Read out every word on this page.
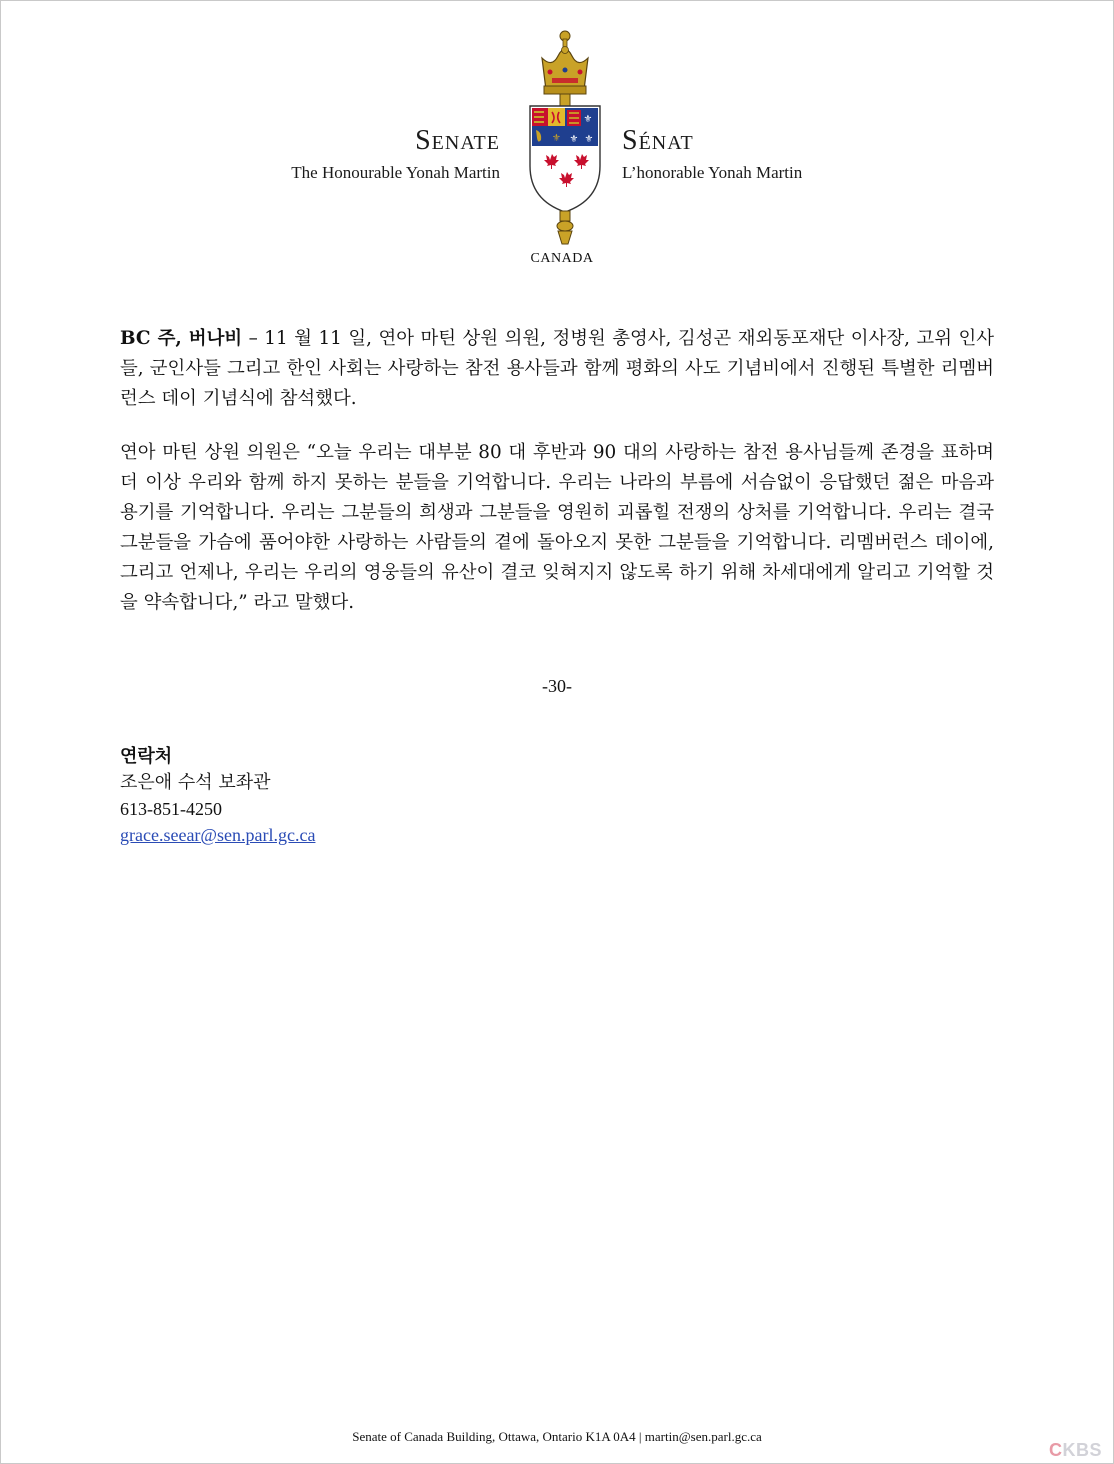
Senate
The Honourable Yonah Martin
⚜
⚜
⚜ ⚜ Sénat
L’honorable Yonah Martin
CANADA

BC 주, 버나비 – 11 월 11 일, 연아 마틴 상원 의원, 정병원 총영사, 김성곤 재외동포재단 이사장, 고위 인사들, 군인사들 그리고 한인 사회는 사랑하는 참전 용사들과 함께 평화의 사도 기념비에서 진행된 특별한 리멤버런스 데이 기념식에 참석했다.

연아 마틴 상원 의원은 “오늘 우리는 대부분 80 대 후반과 90 대의 사랑하는 참전 용사님들께 존경을 표하며 더 이상 우리와 함께 하지 못하는 분들을 기억합니다. 우리는 나라의 부름에 서슴없이 응답했던 젊은 마음과 용기를 기억합니다. 우리는 그분들의 희생과 그분들을 영원히 괴롭힐 전쟁의 상처를 기억합니다. 우리는 결국 그분들을 가슴에 품어야한 사랑하는 사람들의 곁에 돌아오지 못한 그분들을 기억합니다. 리멤버런스 데이에, 그리고 언제나, 우리는 우리의 영웅들의 유산이 결코 잊혀지지 않도록 하기 위해 차세대에게 알리고 기억할 것을 약속합니다,” 라고 말했다.

-30-
연락처
조은애 수석 보좌관
613-851-4250
grace.seear@sen.parl.gc.ca
Senate of Canada Building, Ottawa, Ontario K1A 0A4 | martin@sen.parl.gc.ca
CKBS
